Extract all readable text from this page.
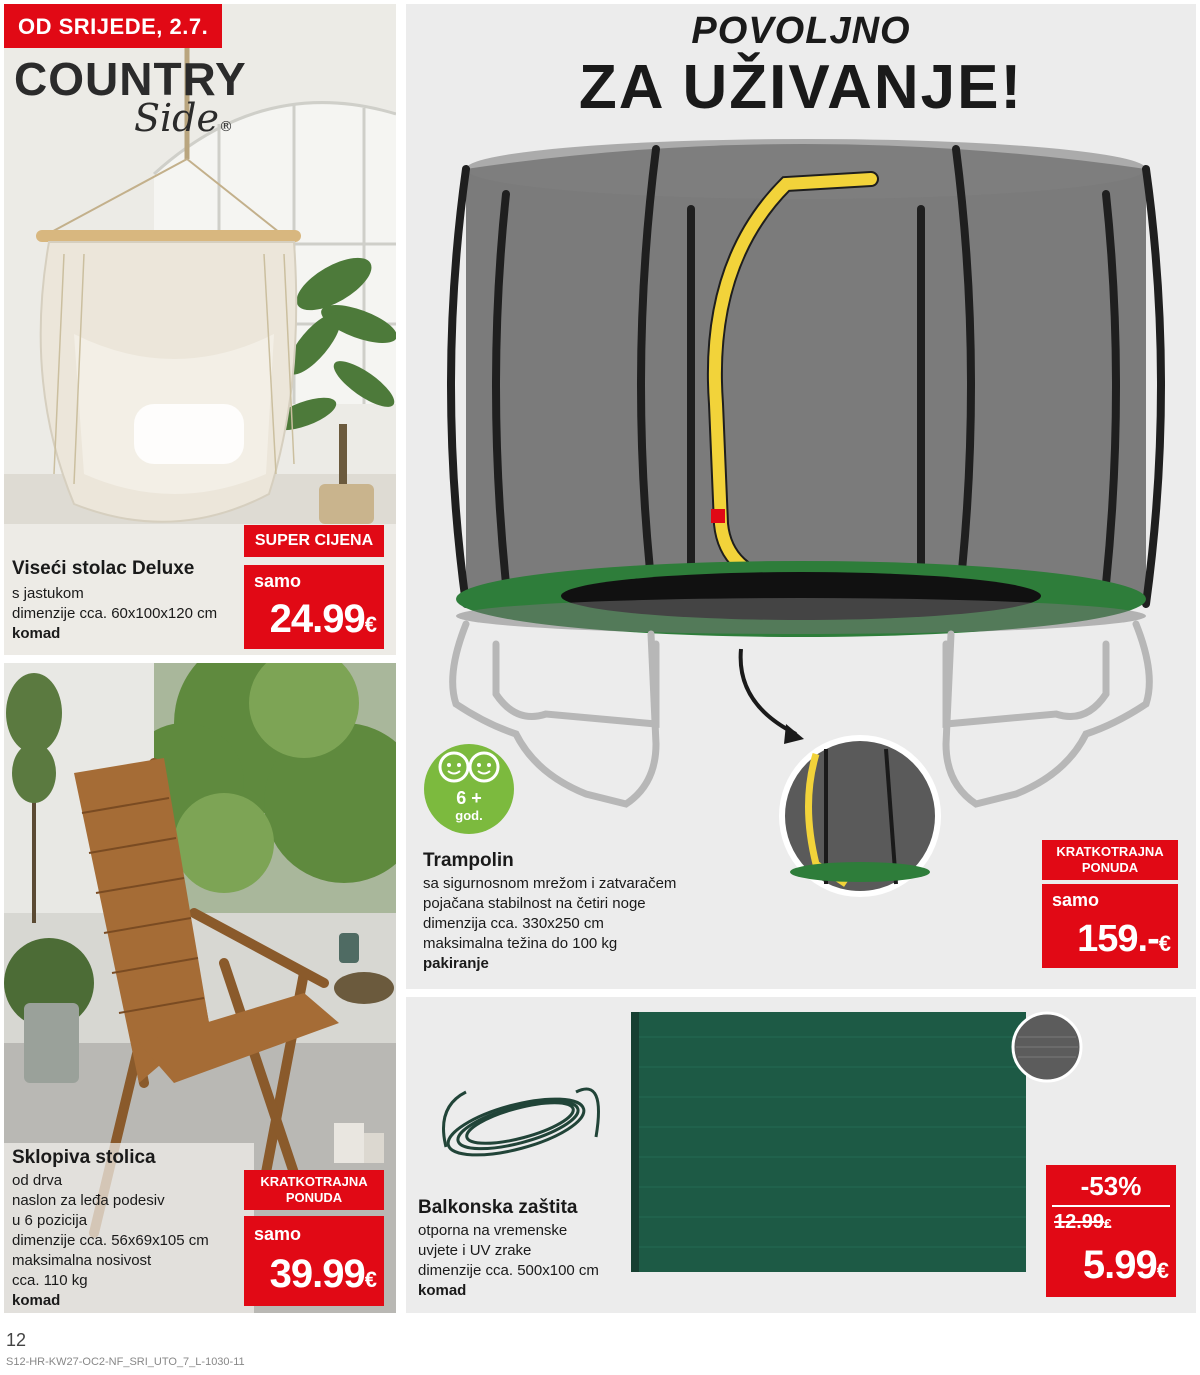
OD SRIJEDE, 2.7.
COUNTRY
Side®
Viseći stolac Deluxe
s jastukom
dimenzije cca. 60x100x120 cm
komad
SUPER CIJENA
samo
24.99€
Sklopiva stolica
od drva
naslon za leđa podesiv
u 6 pozicija
dimenzije cca. 56x69x105 cm
maksimalna nosivost
cca. 110 kg
komad
KRATKOTRAJNA
PONUDA
samo
39.99€
POVOLJNO
ZA UŽIVANJE!
6 +
god.
Trampolin
sa sigurnosnom mrežom i zatvaračem
pojačana stabilnost na četiri noge
dimenzija cca. 330x250 cm
maksimalna težina do 100 kg
pakiranje
KRATKOTRAJNA
PONUDA
samo
159.-€
Balkonska zaštita
otporna na vremenske
uvjete i UV zrake
dimenzije cca. 500x100 cm
komad
-53%
12.99€
5.99€
12
S12-HR-KW27-OC2-NF_SRI_UTO_7_L-1030-11
